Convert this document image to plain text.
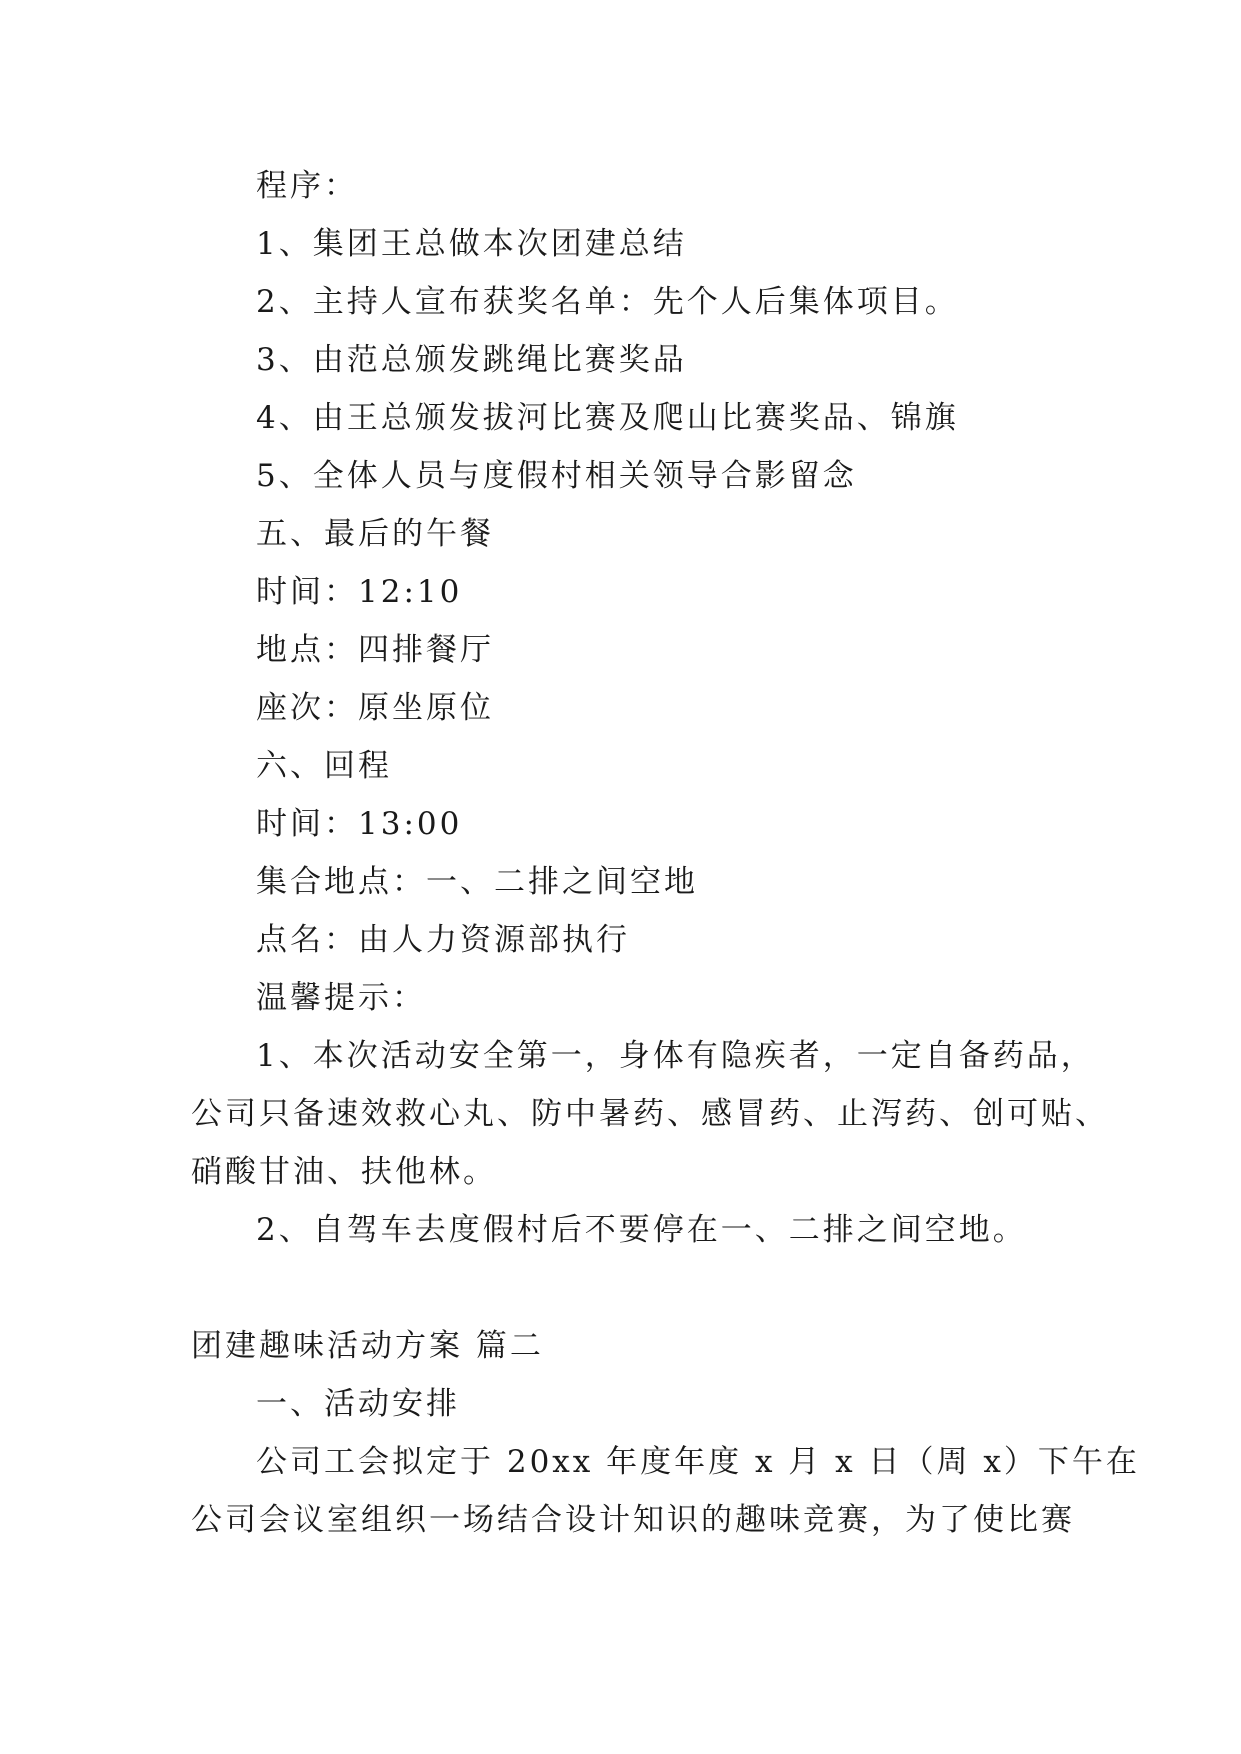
程序：
1、集团王总做本次团建总结
2、主持人宣布获奖名单：先个人后集体项目。
3、由范总颁发跳绳比赛奖品
4、由王总颁发拔河比赛及爬山比赛奖品、锦旗
5、全体人员与度假村相关领导合影留念
五、最后的午餐
时间：12:10
地点：四排餐厅
座次：原坐原位
六、回程
时间：13:00
集合地点：一、二排之间空地
点名：由人力资源部执行
温馨提示：
1、本次活动安全第一，身体有隐疾者，一定自备药品，
公司只备速效救心丸、防中暑药、感冒药、止泻药、创可贴、
硝酸甘油、扶他林。
2、自驾车去度假村后不要停在一、二排之间空地。
团建趣味活动方案 篇二
一、活动安排
公司工会拟定于 20xx 年度年度 x 月 x 日（周 x）下午在
公司会议室组织一场结合设计知识的趣味竞赛，为了使比赛
